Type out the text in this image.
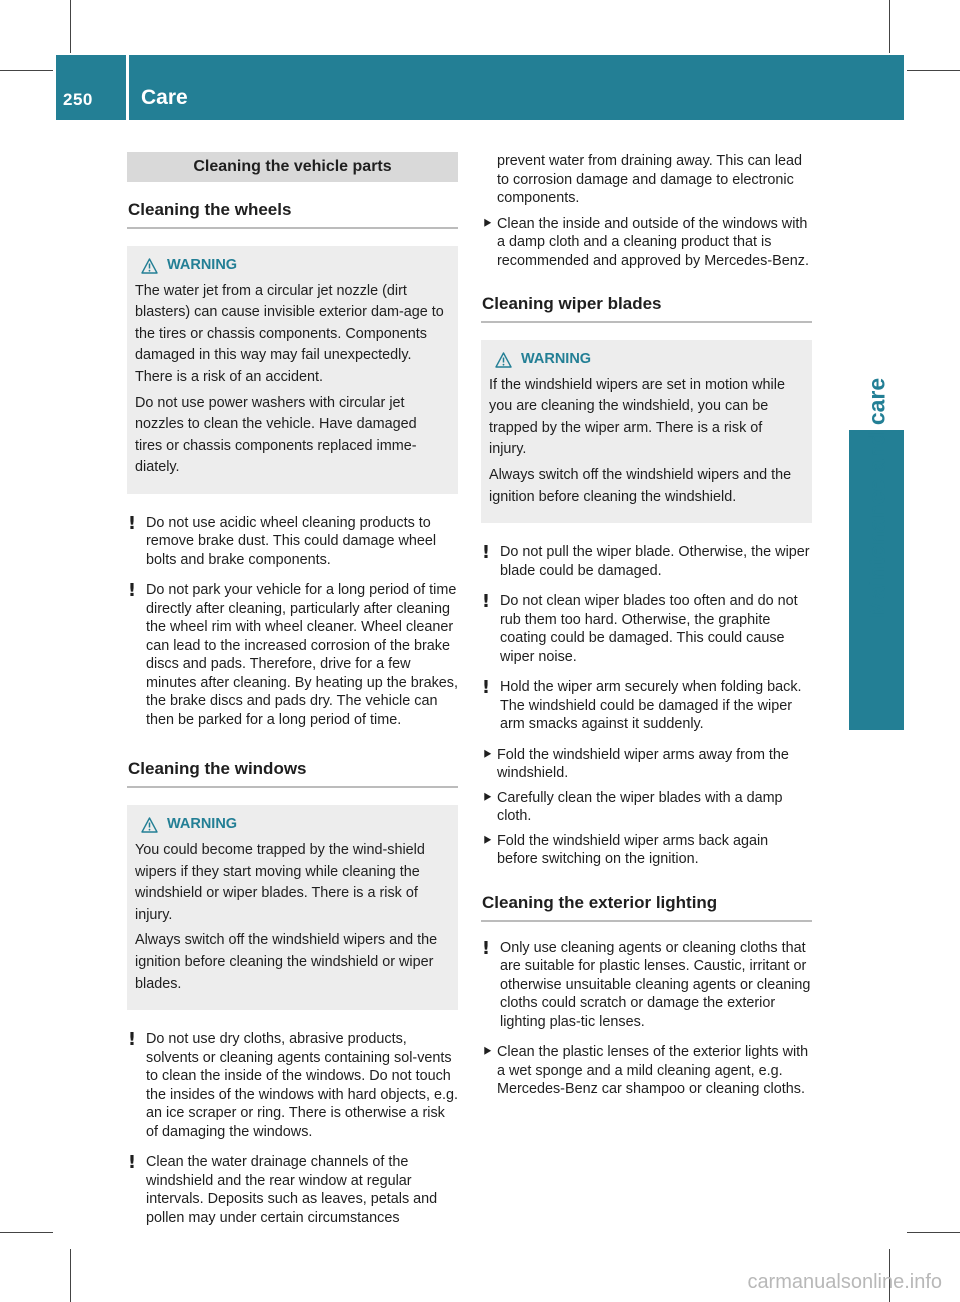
250 Care
Maintenance and care
Cleaning the vehicle parts
Cleaning the wheels
WARNING

The water jet from a circular jet nozzle (dirt blasters) can cause invisible exterior dam-age to the tires or chassis components. Components damaged in this way may fail unexpectedly. There is a risk of an accident.

Do not use power washers with circular jet nozzles to clean the vehicle. Have damaged tires or chassis components replaced imme-diately.

! Do not use acidic wheel cleaning products to remove brake dust. This could damage wheel bolts and brake components.
! Do not park your vehicle for a long period of time directly after cleaning, particularly after cleaning the wheel rim with wheel cleaner. Wheel cleaner can lead to the increased corrosion of the brake discs and pads. Therefore, drive for a few minutes after cleaning. By heating up the brakes, the brake discs and pads dry. The vehicle can then be parked for a long period of time.
Cleaning the windows
WARNING

You could become trapped by the wind-shield wipers if they start moving while cleaning the windshield or wiper blades. There is a risk of injury.

Always switch off the windshield wipers and the ignition before cleaning the windshield or wiper blades.

! Do not use dry cloths, abrasive products, solvents or cleaning agents containing sol-vents to clean the inside of the windows. Do not touch the insides of the windows with hard objects, e.g. an ice scraper or ring. There is otherwise a risk of damaging the windows.
! Clean the water drainage channels of the windshield and the rear window at regular intervals. Deposits such as leaves, petals and pollen may under certain circumstances
prevent water from draining away. This can lead to corrosion damage and damage to electronic components.
⯈ Clean the inside and outside of the windows with a damp cloth and a cleaning product that is recommended and approved by Mercedes-Benz.
Cleaning wiper blades
WARNING

If the windshield wipers are set in motion while you are cleaning the windshield, you can be trapped by the wiper arm. There is a risk of injury.

Always switch off the windshield wipers and the ignition before cleaning the windshield.

! Do not pull the wiper blade. Otherwise, the wiper blade could be damaged.
! Do not clean wiper blades too often and do not rub them too hard. Otherwise, the graphite coating could be damaged. This could cause wiper noise.
! Hold the wiper arm securely when folding back. The windshield could be damaged if the wiper arm smacks against it suddenly.
⯈ Fold the windshield wiper arms away from the windshield.
⯈ Carefully clean the wiper blades with a damp cloth.
⯈ Fold the windshield wiper arms back again before switching on the ignition.
Cleaning the exterior lighting
! Only use cleaning agents or cleaning cloths that are suitable for plastic lenses. Caustic, irritant or otherwise unsuitable cleaning agents or cleaning cloths could scratch or damage the exterior lighting plas-tic lenses.
⯈ Clean the plastic lenses of the exterior lights with a wet sponge and a mild cleaning agent, e.g. Mercedes-Benz car shampoo or cleaning cloths.
carmanualsonline.info
